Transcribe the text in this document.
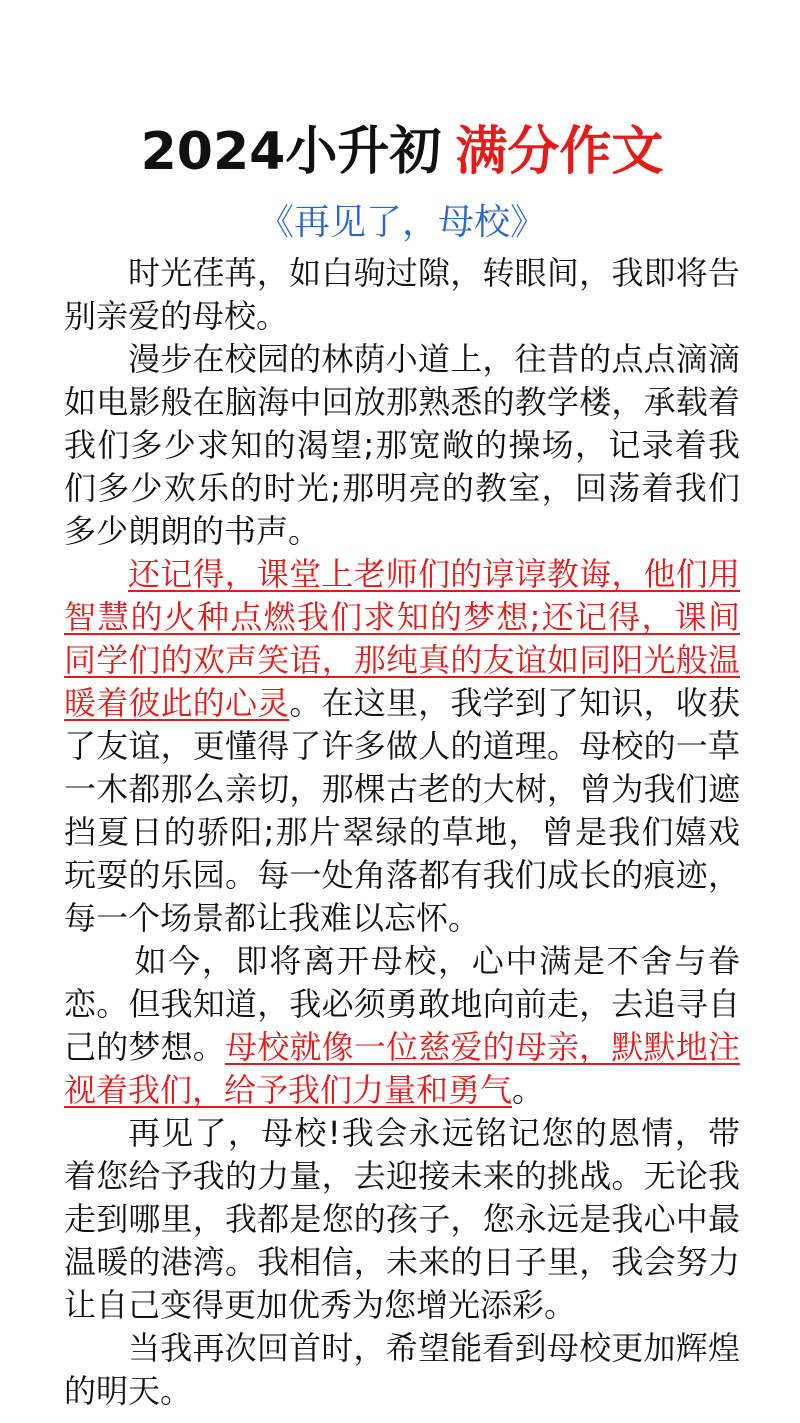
2024小升初 满分作文
《再见了，母校》

时光荏苒，如白驹过隙，转眼间，我即将告别亲爱的母校。

漫步在校园的林荫小道上，往昔的点点滴滴如电影般在脑海中回放那熟悉的教学楼，承载着我们多少求知的渴望;那宽敞的操场，记录着我们多少欢乐的时光;那明亮的教室，回荡着我们多少朗朗的书声。

还记得，课堂上老师们的谆谆教诲，他们用智慧的火种点燃我们求知的梦想;还记得，课间同学们的欢声笑语，那纯真的友谊如同阳光般温暖着彼此的心灵。在这里，我学到了知识，收获了友谊，更懂得了许多做人的道理。母校的一草一木都那么亲切，那棵古老的大树，曾为我们遮挡夏日的骄阳;那片翠绿的草地，曾是我们嬉戏玩耍的乐园。每一处角落都有我们成长的痕迹，每一个场景都让我难以忘怀。

如今，即将离开母校，心中满是不舍与眷恋。但我知道，我必须勇敢地向前走，去追寻自己的梦想。母校就像一位慈爱的母亲，默默地注视着我们，给予我们力量和勇气。

再见了，母校!我会永远铭记您的恩情，带着您给予我的力量，去迎接未来的挑战。无论我走到哪里，我都是您的孩子，您永远是我心中最温暖的港湾。我相信，未来的日子里，我会努力让自己变得更加优秀为您增光添彩。

当我再次回首时，希望能看到母校更加辉煌的明天。
